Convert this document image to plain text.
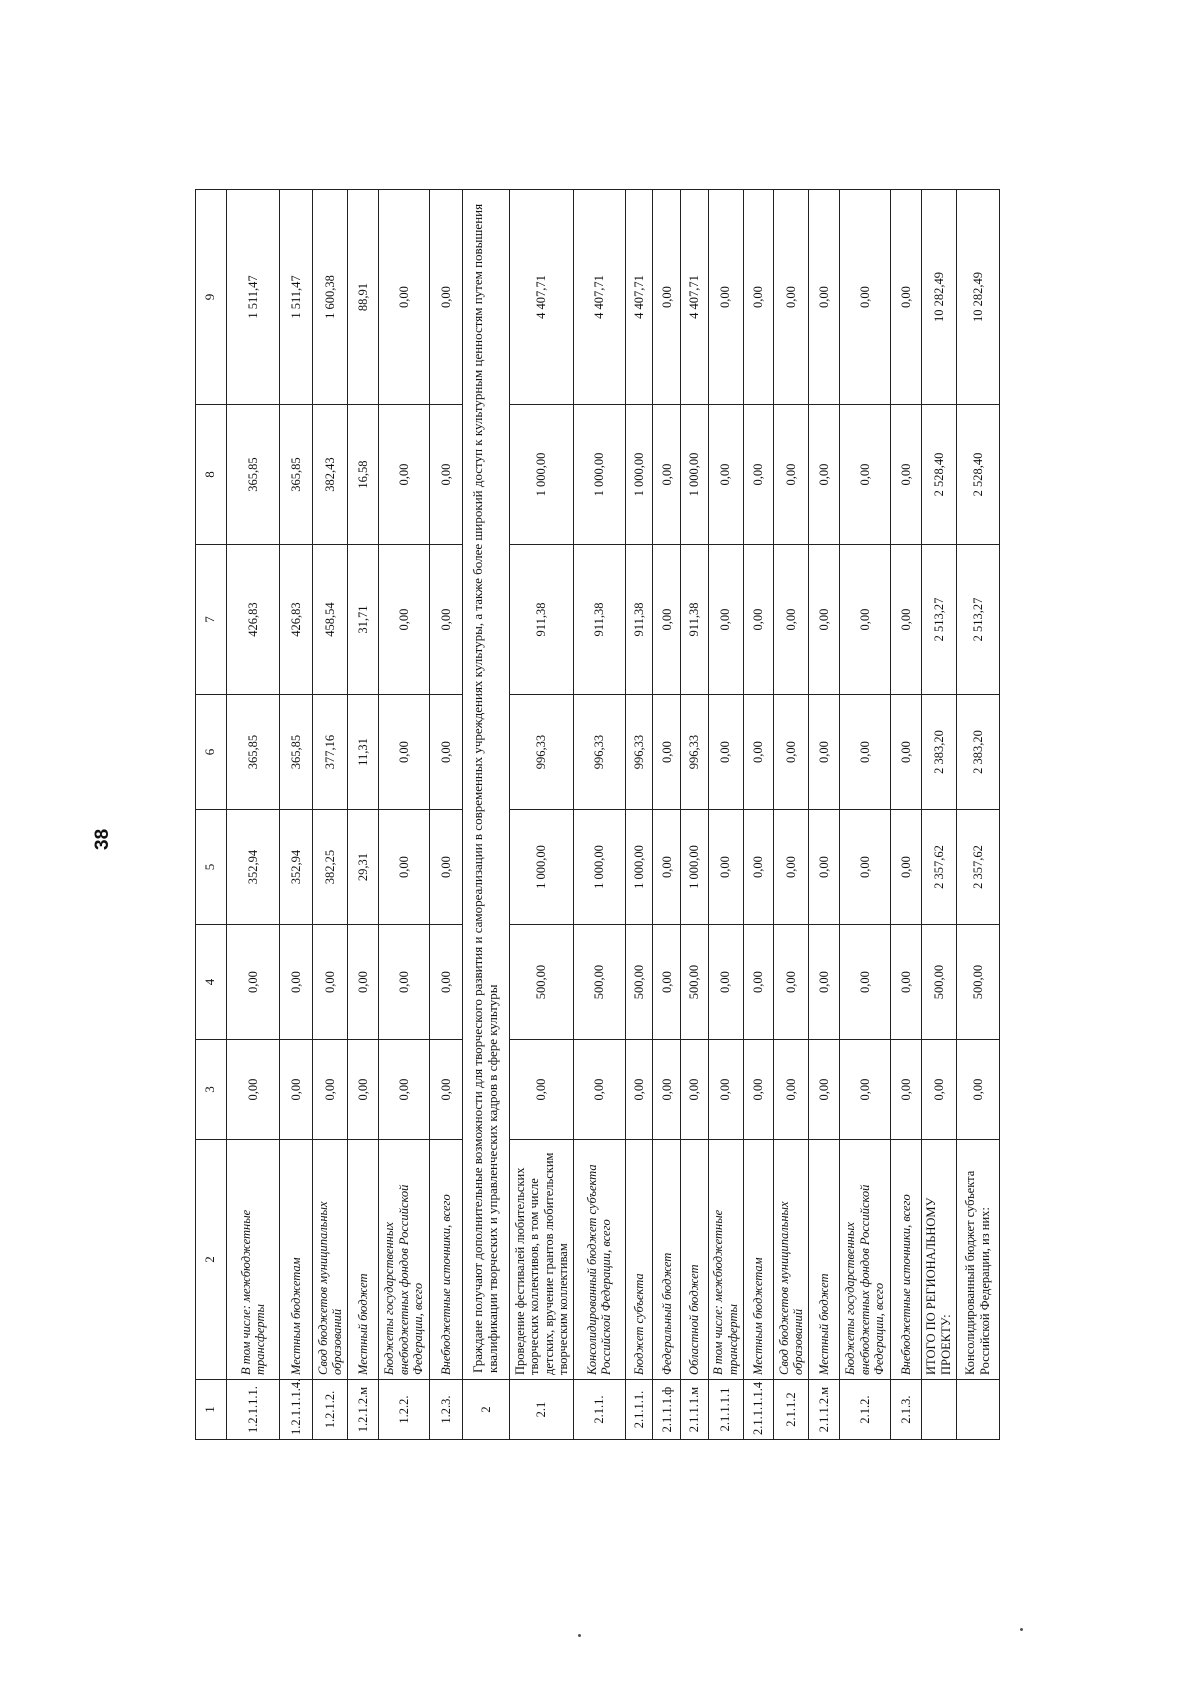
38
1	2	3	4	5	6	7	8	9
1.2.1.1.1.	В том числе: межбюджетные трансферты	0,00	0,00	352,94	365,85	426,83	365,85	1 511,47
1.2.1.1.1.4.	Местным бюджетам	0,00	0,00	352,94	365,85	426,83	365,85	1 511,47
1.2.1.2.	Свод бюджетов муниципальных образований	0,00	0,00	382,25	377,16	458,54	382,43	1 600,38
1.2.1.2.м	Местный бюджет	0,00	0,00	29,31	11,31	31,71	16,58	88,91
1.2.2.	Бюджеты государственных внебюджетных фондов Российской Федерации, всего	0,00	0,00	0,00	0,00	0,00	0,00	0,00
1.2.3.	Внебюджетные источники, всего	0,00	0,00	0,00	0,00	0,00	0,00	0,00
2	Граждане получают дополнительные возможности для творческого развития и самореализации в современных учреждениях культуры, а также более широкий доступ к культурным ценностям путем повышения квалификации творческих и управленческих кадров в сфере культуры							
2.1	Проведение фестивалей любительских творческих коллективов, в том числе детских, вручение грантов любительским творческим коллективам	0,00	500,00	1 000,00	996,33	911,38	1 000,00	4 407,71
2.1.1.	Консолидированный бюджет субъекта Российской Федерации, всего	0,00	500,00	1 000,00	996,33	911,38	1 000,00	4 407,71
2.1.1.1.	Бюджет субъекта	0,00	500,00	1 000,00	996,33	911,38	1 000,00	4 407,71
2.1.1.1.ф	Федеральный бюджет	0,00	0,00	0,00	0,00	0,00	0,00	0,00
2.1.1.1.м	Областной бюджет	0,00	500,00	1 000,00	996,33	911,38	1 000,00	4 407,71
2.1.1.1.1	В том числе: межбюджетные трансферты	0,00	0,00	0,00	0,00	0,00	0,00	0,00
2.1.1.1.1.4	Местным бюджетам	0,00	0,00	0,00	0,00	0,00	0,00	0,00
2.1.1.2	Свод бюджетов муниципальных образований	0,00	0,00	0,00	0,00	0,00	0,00	0,00
2.1.1.2.м	Местный бюджет	0,00	0,00	0,00	0,00	0,00	0,00	0,00
2.1.2.	Бюджеты государственных внебюджетных фондов Российской Федерации, всего	0,00	0,00	0,00	0,00	0,00	0,00	0,00
2.1.3.	Внебюджетные источники, всего	0,00	0,00	0,00	0,00	0,00	0,00	0,00
	ИТОГО ПО РЕГИОНАЛЬНОМУ ПРОЕКТУ:	0,00	500,00	2 357,62	2 383,20	2 513,27	2 528,40	10 282,49
	Консолидированный бюджет субъекта Российской Федерации, из них:	0,00	500,00	2 357,62	2 383,20	2 513,27	2 528,40	10 282,49
